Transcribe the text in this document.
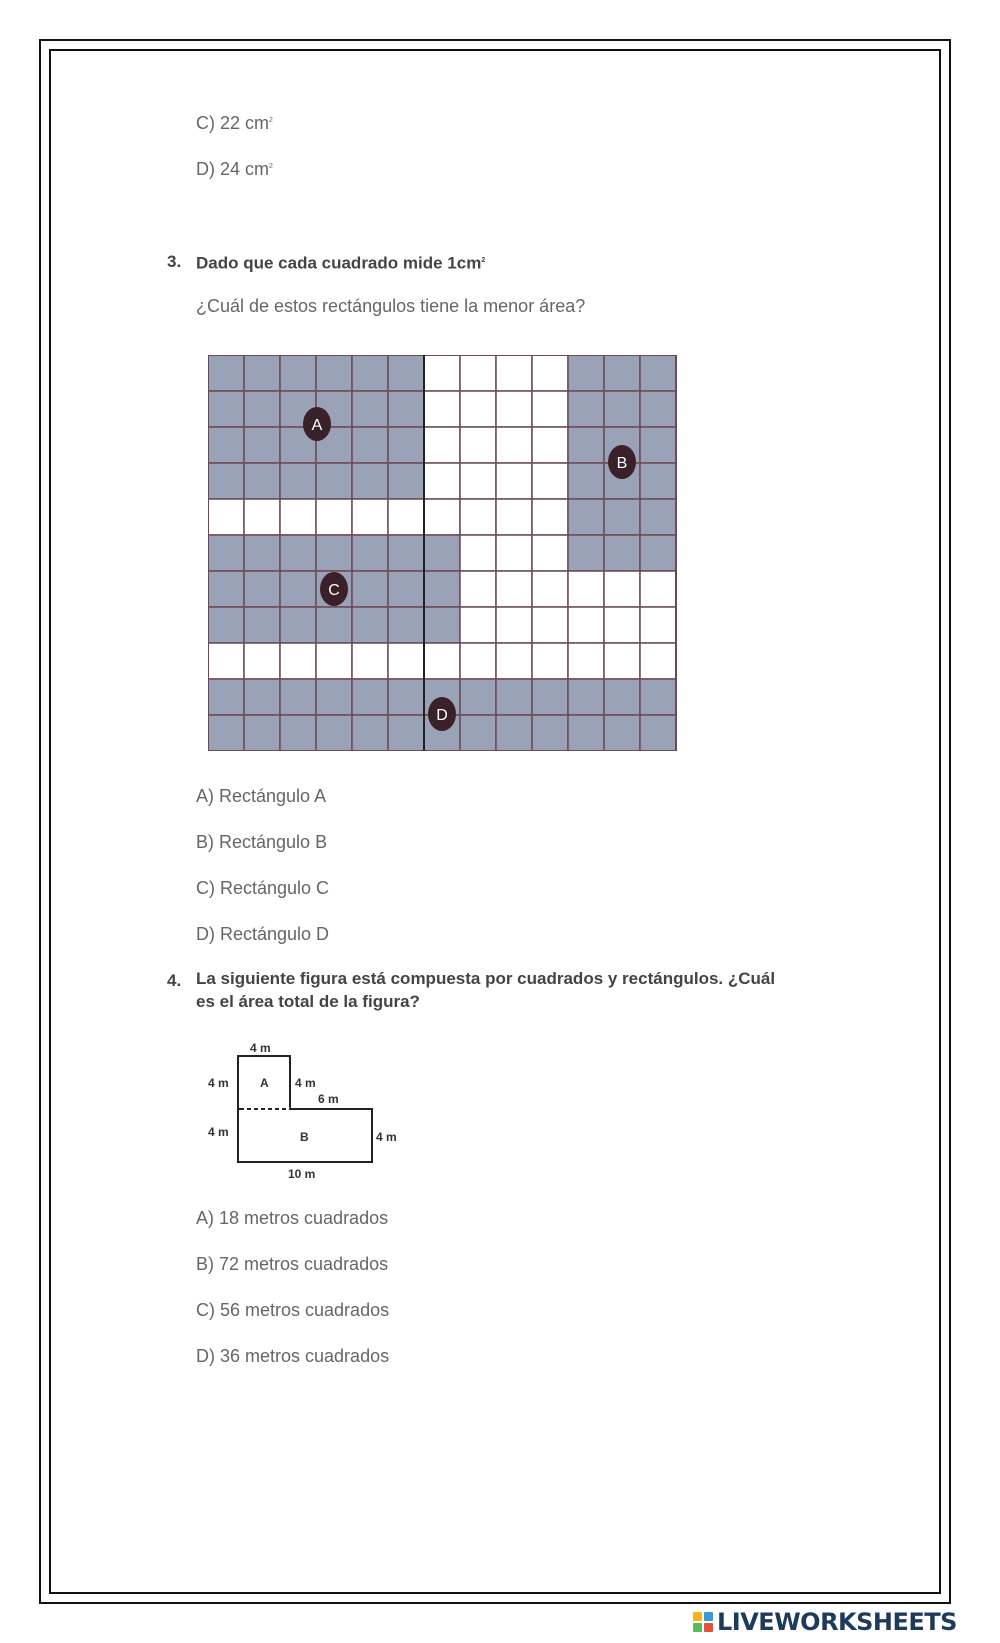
C) 22 $cm^2$
D) 24 $cm^2$
3. Dado que cada cuadrado mide $1cm^2$
¿Cuál de estos rectángulos tiene la menor área?
A
B
C
D
A) Rectángulo A
B) Rectángulo B
C) Rectángulo C
D) Rectángulo D
4. La siguiente figura está compuesta por cuadrados y rectángulos. ¿Cuál
es el área total de la figura?
4 m
4 m	A 4 m
6 m
4 m	B	4 m
10 m
A) 18 metros cuadrados
B) 72 metros cuadrados
C) 56 metros cuadrados
D) 36 metros cuadrados
LIVEWORKSHEETS
